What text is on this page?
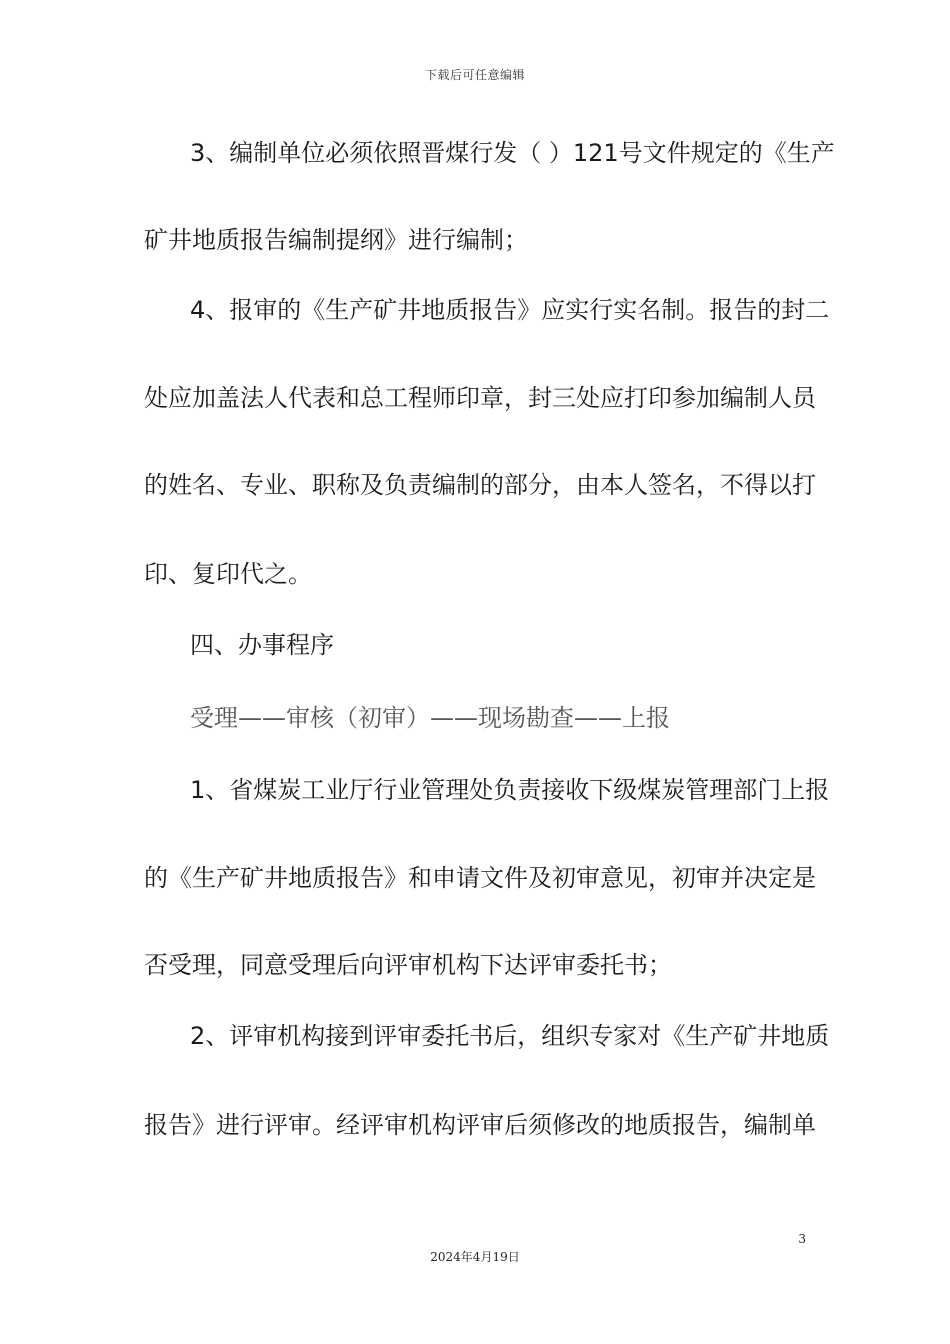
下载后可任意编辑
3、编制单位必须依照晋煤行发（ ）121号文件规定的《生产
矿井地质报告编制提纲》进行编制；
4、报审的《生产矿井地质报告》应实行实名制。报告的封二
处应加盖法人代表和总工程师印章，封三处应打印参加编制人员
的姓名、专业、职称及负责编制的部分，由本人签名，不得以打
印、复印代之。
四、办事程序
受理——审核（初审）——现场勘查——上报
1、省煤炭工业厅行业管理处负责接收下级煤炭管理部门上报
的《生产矿井地质报告》和申请文件及初审意见，初审并决定是
否受理，同意受理后向评审机构下达评审委托书；
2、评审机构接到评审委托书后，组织专家对《生产矿井地质
报告》进行评审。经评审机构评审后须修改的地质报告，编制单
3
2024年4月19日
